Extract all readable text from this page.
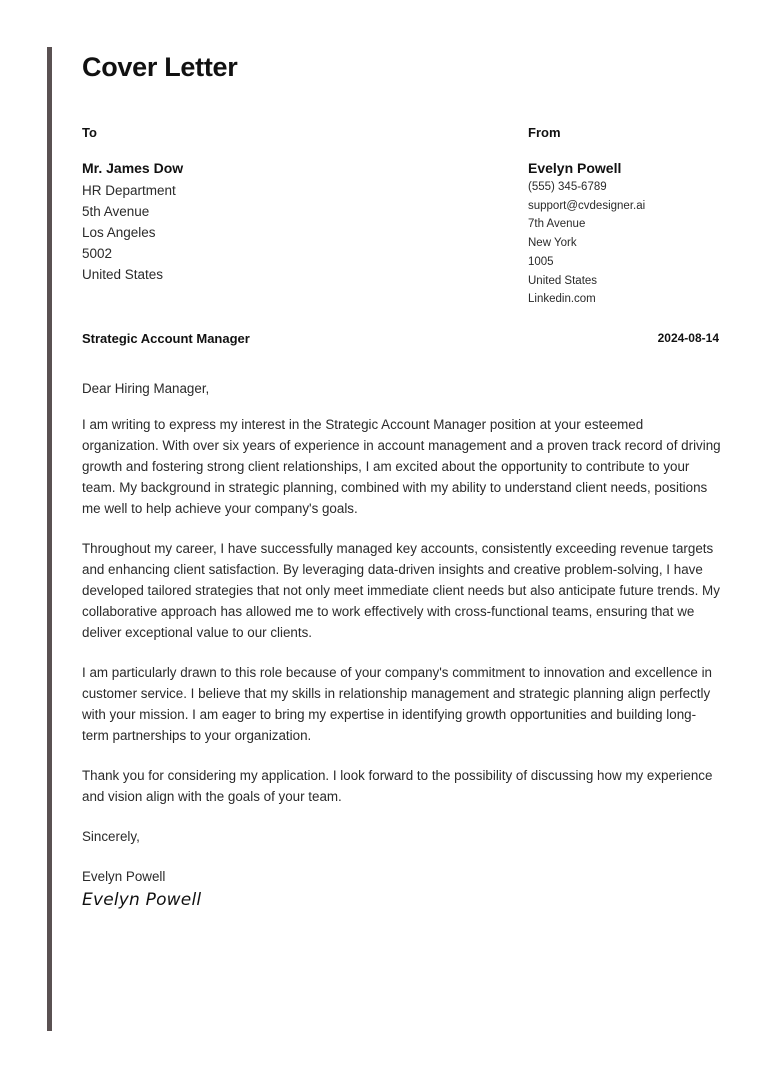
Cover Letter
To	From
Mr. James Dow
HR Department
5th Avenue
Los Angeles
5002
United States
Evelyn Powell
(555) 345-6789
support@cvdesigner.ai
7th Avenue
New York
1005
United States
Linkedin.com
Strategic Account Manager	2024-08-14

Dear Hiring Manager,

I am writing to express my interest in the Strategic Account Manager position at your esteemed organization. With over six years of experience in account management and a proven track record of driving growth and fostering strong client relationships, I am excited about the opportunity to contribute to your team. My background in strategic planning, combined with my ability to understand client needs, positions me well to help achieve your company's goals.

Throughout my career, I have successfully managed key accounts, consistently exceeding revenue targets and enhancing client satisfaction. By leveraging data-driven insights and creative problem-solving, I have developed tailored strategies that not only meet immediate client needs but also anticipate future trends. My collaborative approach has allowed me to work effectively with cross-functional teams, ensuring that we deliver exceptional value to our clients.

I am particularly drawn to this role because of your company's commitment to innovation and excellence in customer service. I believe that my skills in relationship management and strategic planning align perfectly with your mission. I am eager to bring my expertise in identifying growth opportunities and building long-term partnerships to your organization.

Thank you for considering my application. I look forward to the possibility of discussing how my experience and vision align with the goals of your team.

Sincerely,

Evelyn Powell

Evelyn Powell
